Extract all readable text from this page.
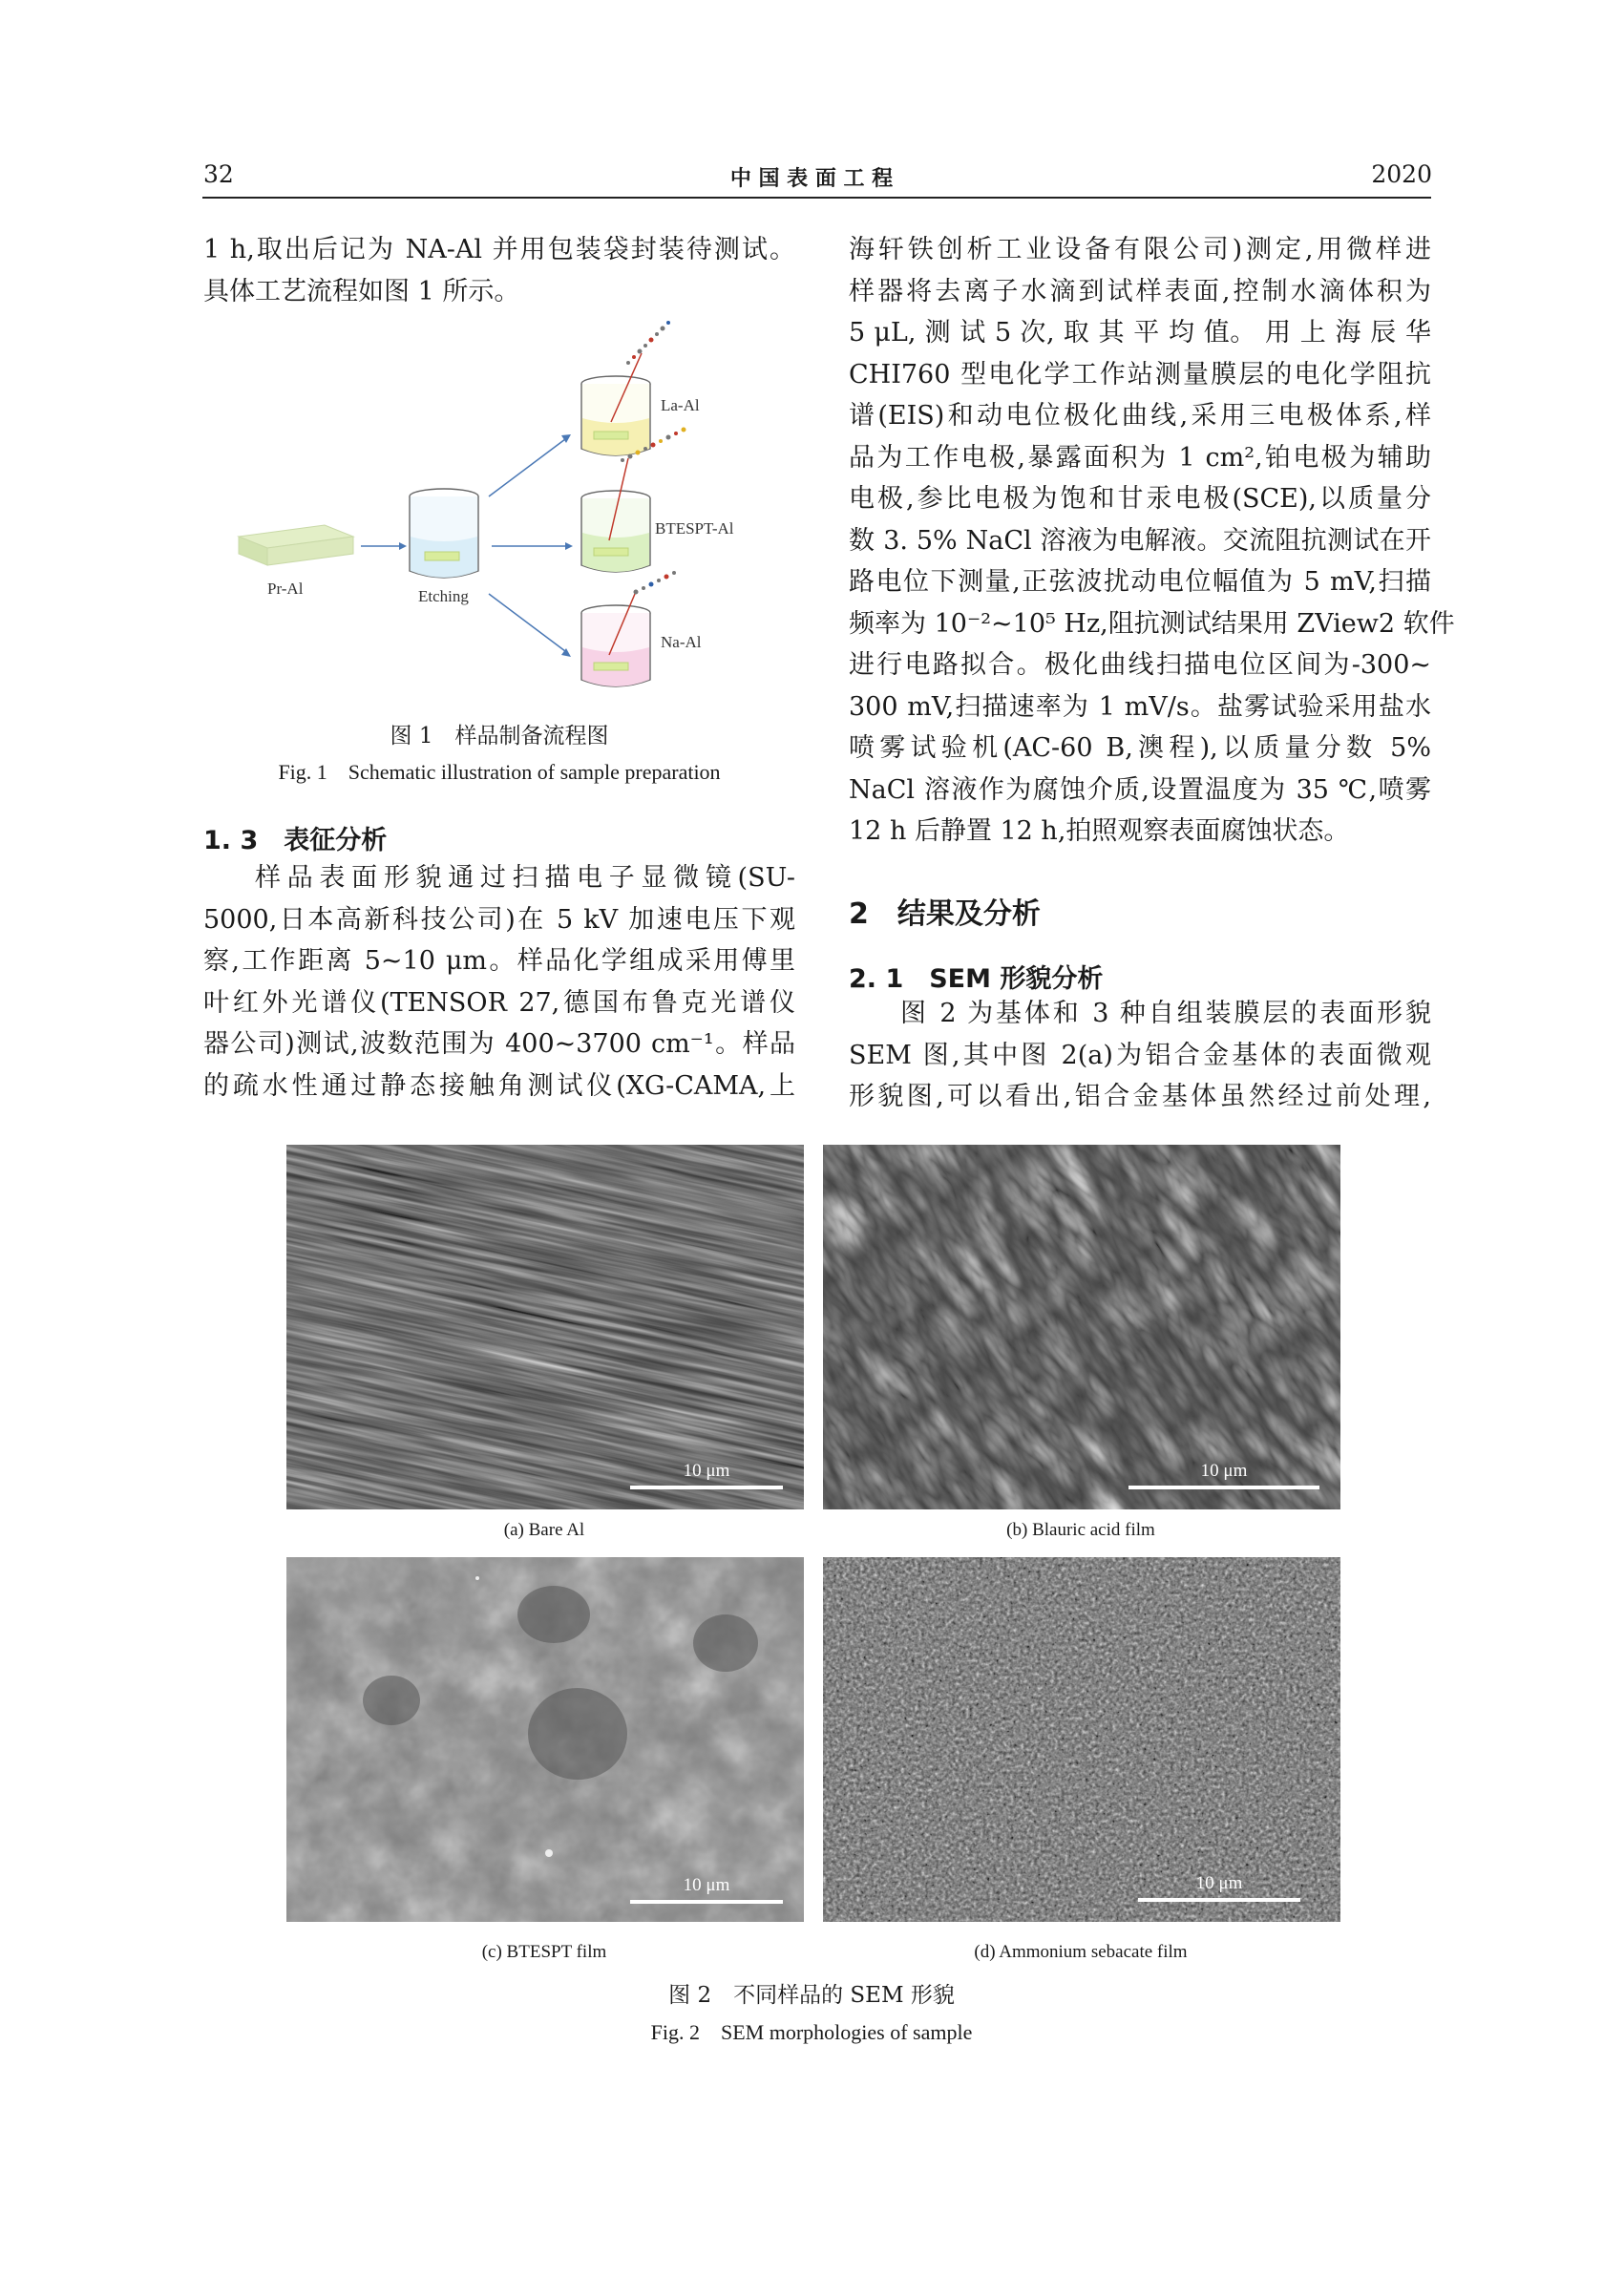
32	中 国 表 面 工 程	2020

1 h,取出后记为 NA-Al 并用包装袋封装待测试。

具体工艺流程如图 1 所示。

Pr-Al	Etching
La-Al
BTESPT-Al
Na-Al
图 1　样品制备流程图
Fig. 1　Schematic illustration of sample preparation
1. 3　表征分析

样品表面形貌通过扫描电子显微镜(SU-

5000,日本高新科技公司)在 5 kV 加速电压下观

察,工作距离 5~10 μm。样品化学组成采用傅里

叶红外光谱仪(TENSOR 27,德国布鲁克光谱仪

器公司)测试,波数范围为 400~3700 cm⁻¹。样品

的疏水性通过静态接触角测试仪(XG-CAMA,上

海轩铁创析工业设备有限公司)测定,用微样进

样器将去离子水滴到试样表面,控制水滴体积为

5 μL, 测 试 5 次, 取 其 平 均 值。 用 上 海 辰 华

CHI760 型电化学工作站测量膜层的电化学阻抗

谱(EIS)和动电位极化曲线,采用三电极体系,样

品为工作电极,暴露面积为 1 cm²,铂电极为辅助

电极,参比电极为饱和甘汞电极(SCE),以质量分

数 3. 5% NaCl 溶液为电解液。交流阻抗测试在开

路电位下测量,正弦波扰动电位幅值为 5 mV,扫描

频率为 10⁻²~10⁵ Hz,阻抗测试结果用 ZView2 软件

进行电路拟合。极化曲线扫描电位区间为-300~

300 mV,扫描速率为 1 mV/s。盐雾试验采用盐水

喷雾试验机(AC-60 B,澳程),以质量分数 5%

NaCl 溶液作为腐蚀介质,设置温度为 35 ℃,喷雾

12 h 后静置 12 h,拍照观察表面腐蚀状态。

2　结果及分析
2. 1　SEM 形貌分析

图 2 为基体和 3 种自组装膜层的表面形貌

SEM 图,其中图 2(a)为铝合金基体的表面微观

形貌图,可以看出,铝合金基体虽然经过前处理,

10 μm
(a) Bare Al
10 μm
(b) Blauric acid film
10 μm
(c) BTESPT film
10 μm
(d) Ammonium sebacate film
图 2　不同样品的 SEM 形貌
Fig. 2　SEM morphologies of sample
